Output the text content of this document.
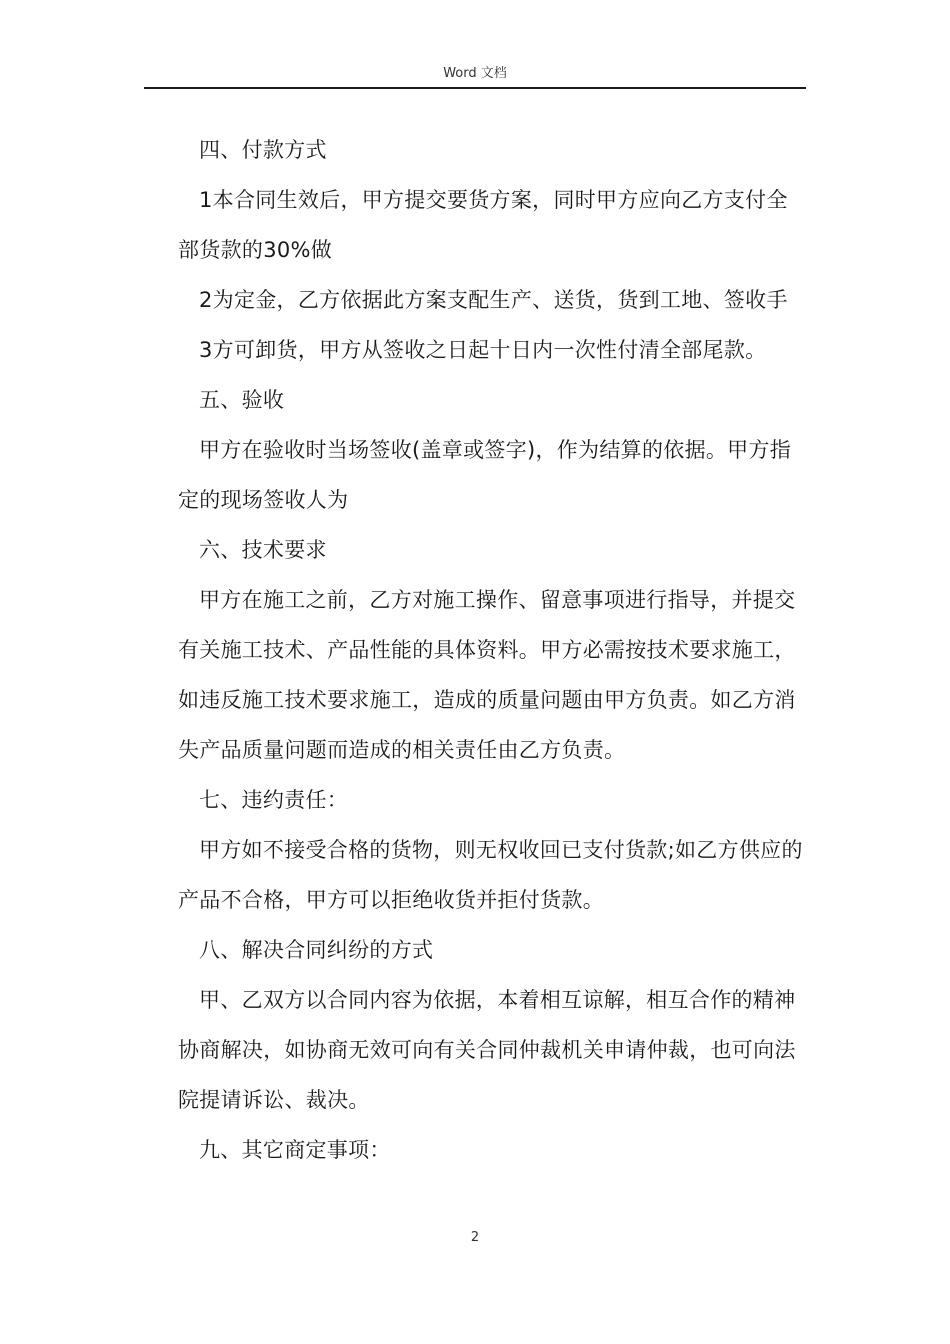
Word 文档

四、付款方式

1本合同生效后，甲方提交要货方案，同时甲方应向乙方支付全部货款的30%做

2为定金，乙方依据此方案支配生产、送货，货到工地、签收手

3方可卸货，甲方从签收之日起十日内一次性付清全部尾款。

五、验收

甲方在验收时当场签收(盖章或签字)，作为结算的依据。甲方指定的现场签收人为

六、技术要求

甲方在施工之前，乙方对施工操作、留意事项进行指导，并提交有关施工技术、产品性能的具体资料。甲方必需按技术要求施工，如违反施工技术要求施工，造成的质量问题由甲方负责。如乙方消失产品质量问题而造成的相关责任由乙方负责。

七、违约责任：

甲方如不接受合格的货物，则无权收回已支付货款;如乙方供应的产品不合格，甲方可以拒绝收货并拒付货款。

八、解决合同纠纷的方式

甲、乙双方以合同内容为依据，本着相互谅解，相互合作的精神协商解决，如协商无效可向有关合同仲裁机关申请仲裁，也可向法院提请诉讼、裁决。

九、其它商定事项：

2
